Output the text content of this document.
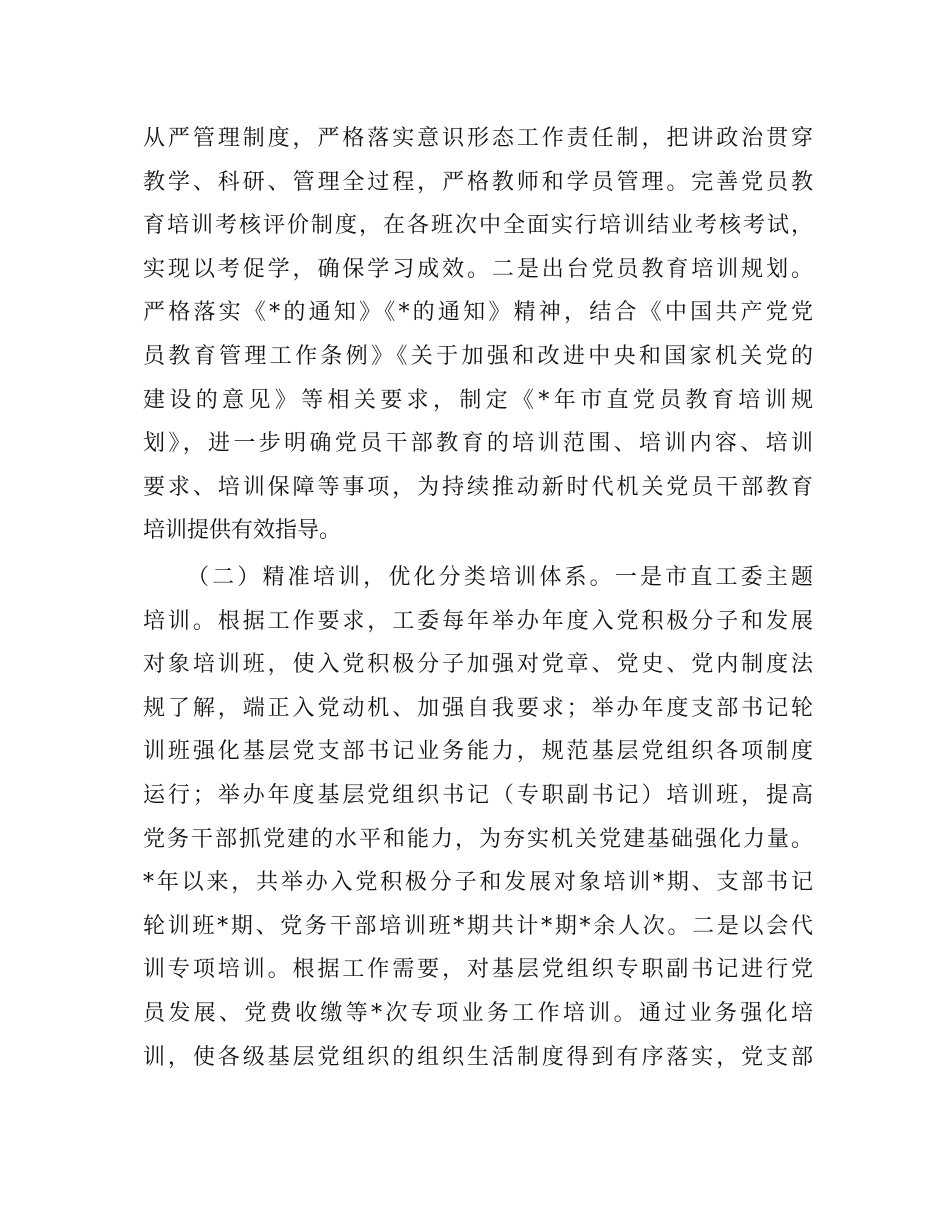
从严管理制度，严格落实意识形态工作责任制，把讲政治贯穿
教学、科研、管理全过程，严格教师和学员管理。完善党员教
育培训考核评价制度，在各班次中全面实行培训结业考核考试，
实现以考促学，确保学习成效。二是出台党员教育培训规划。
严格落实《*的通知》《*的通知》精神，结合《中国共产党党
员教育管理工作条例》《关于加强和改进中央和国家机关党的
建设的意见》等相关要求，制定《*年市直党员教育培训规
划》，进一步明确党员干部教育的培训范围、培训内容、培训
要求、培训保障等事项，为持续推动新时代机关党员干部教育
培训提供有效指导。
（二）精准培训，优化分类培训体系。一是市直工委主题
培训。根据工作要求，工委每年举办年度入党积极分子和发展
对象培训班，使入党积极分子加强对党章、党史、党内制度法
规了解，端正入党动机、加强自我要求；举办年度支部书记轮
训班强化基层党支部书记业务能力，规范基层党组织各项制度
运行；举办年度基层党组织书记（专职副书记）培训班，提高
党务干部抓党建的水平和能力，为夯实机关党建基础强化力量。
*年以来，共举办入党积极分子和发展对象培训*期、支部书记
轮训班*期、党务干部培训班*期共计*期*余人次。二是以会代
训专项培训。根据工作需要，对基层党组织专职副书记进行党
员发展、党费收缴等*次专项业务工作培训。通过业务强化培
训，使各级基层党组织的组织生活制度得到有序落实，党支部
